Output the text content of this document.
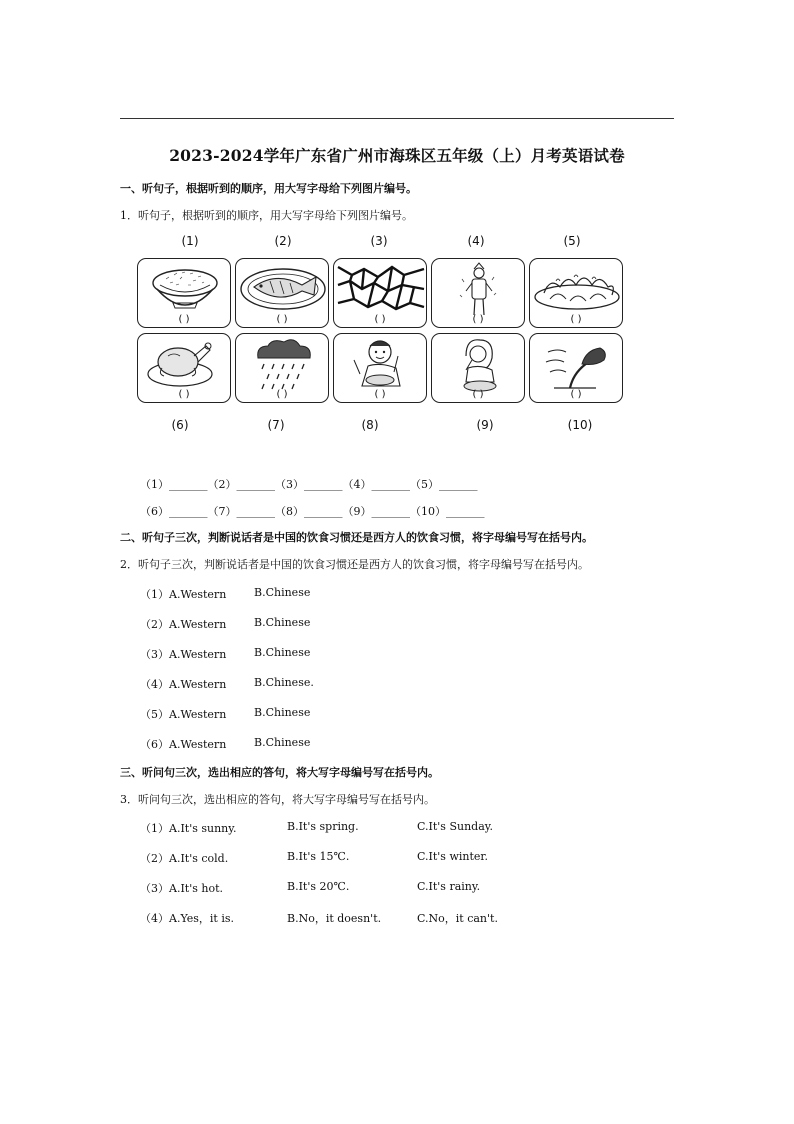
2023-2024学年广东省广州市海珠区五年级（上）月考英语试卷
一、听句子，根据听到的顺序，用大写字母给下列图片编号。
1．听句子，根据听到的顺序，用大写字母给下列图片编号。
(1)	(2)	(3)	(4)	(5)
( )	( )	( )	( )	( )
( )	( )	( )	( )	( )
(6)	(7)	(8)	(9)	(10)
（1）_______（2）_______（3）_______（4）_______（5）_______
（6）_______（7）_______（8）_______（9）_______（10）_______
二、听句子三次，判断说话者是中国的饮食习惯还是西方人的饮食习惯，将字母编号写在括号内。
2．听句子三次，判断说话者是中国的饮食习惯还是西方人的饮食习惯，将字母编号写在括号内。
（1）A.Western	B.Chinese
（2）A.Western	B.Chinese
（3）A.Western	B.Chinese
（4）A.Western	B.Chinese.
（5）A.Western	B.Chinese
（6）A.Western	B.Chinese
三、听问句三次，选出相应的答句，将大写字母编号写在括号内。
3．听问句三次，选出相应的答句，将大写字母编号写在括号内。
（1）A.It's sunny.	B.It's spring.	C.It's Sunday.
（2）A.It's cold.	B.It's 15℃.	C.It's winter.
（3）A.It's hot.	B.It's 20℃.	C.It's rainy.
（4）A.Yes，it is.	B.No，it doesn't.	C.No，it can't.
